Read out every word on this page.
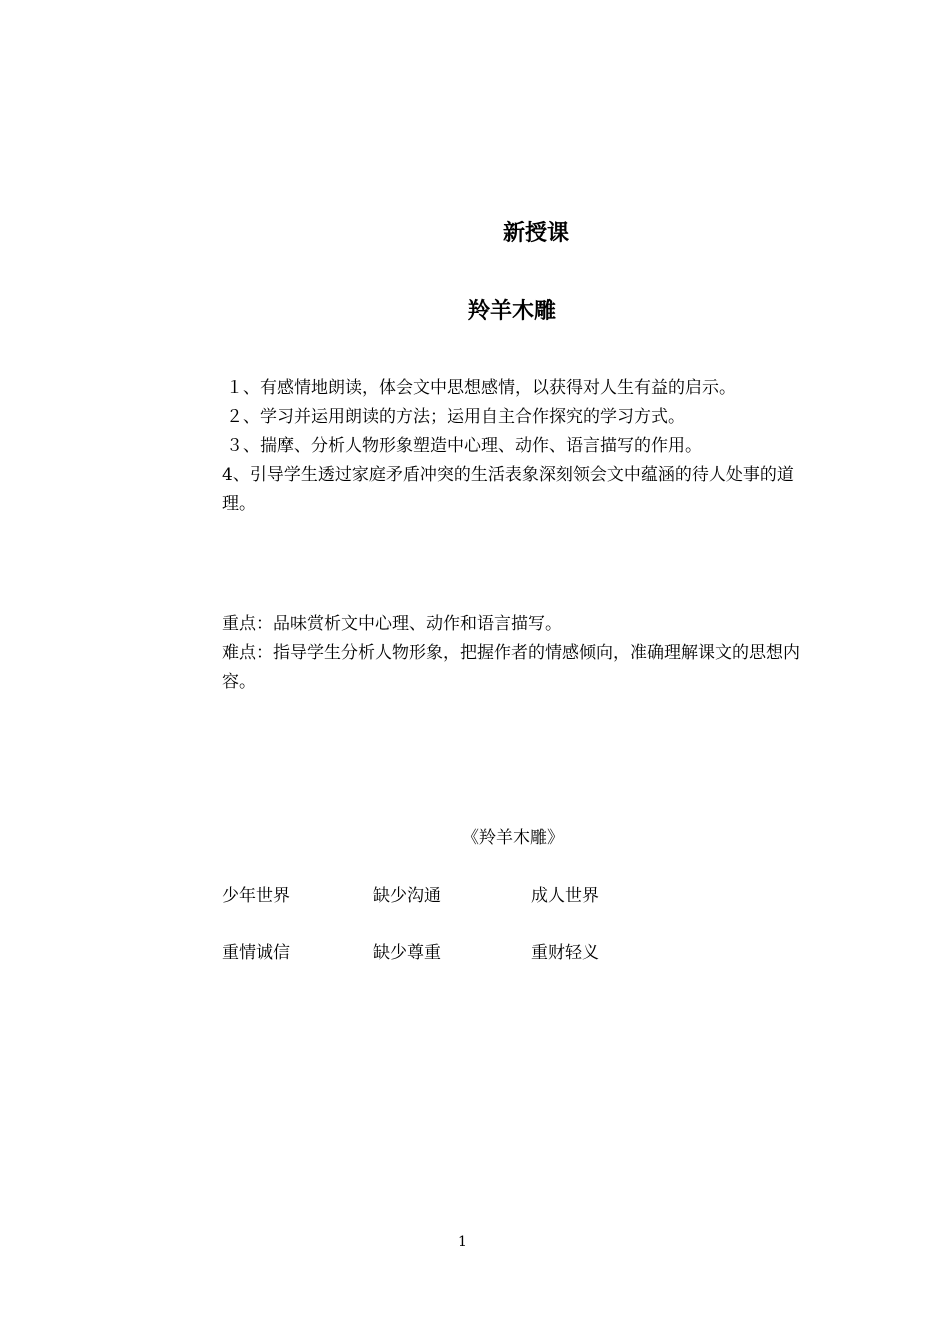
新授课
羚羊木雕

１、有感情地朗读，体会文中思想感情，以获得对人生有益的启示。

２、学习并运用朗读的方法；运用自主合作探究的学习方式。

３、揣摩、分析人物形象塑造中心理、动作、语言描写的作用。

4、引导学生透过家庭矛盾冲突的生活表象深刻领会文中蕴涵的待人处事的道理。

重点：品味赏析文中心理、动作和语言描写。

难点：指导学生分析人物形象，把握作者的情感倾向，准确理解课文的思想内容。

《羚羊木雕》
少年世界	缺少沟通	成人世界
重情诚信	缺少尊重	重财轻义
1
